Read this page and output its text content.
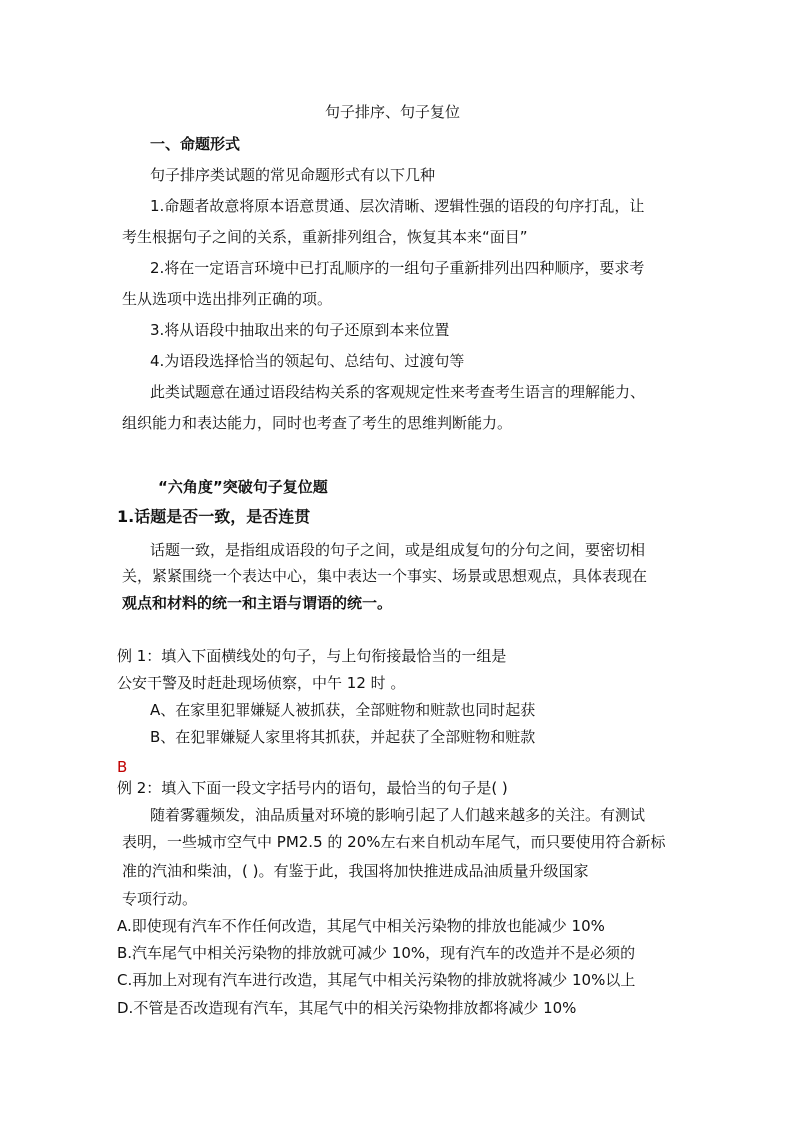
句子排序、句子复位
一、命题形式
句子排序类试题的常见命题形式有以下几种
1.命题者故意将原本语意贯通、层次清晰、逻辑性强的语段的句序打乱，让
考生根据句子之间的关系，重新排列组合，恢复其本来“面目”
2.将在一定语言环境中已打乱顺序的一组句子重新排列出四种顺序，要求考
生从选项中选出排列正确的项。
3.将从语段中抽取出来的句子还原到本来位置
4.为语段选择恰当的领起句、总结句、过渡句等
此类试题意在通过语段结构关系的客观规定性来考查考生语言的理解能力、
组织能力和表达能力，同时也考查了考生的思维判断能力。
“六角度”突破句子复位题
1.话题是否一致，是否连贯
话题一致，是指组成语段的句子之间，或是组成复句的分句之间，要密切相
关，紧紧围绕一个表达中心，集中表达一个事实、场景或思想观点，具体表现在
观点和材料的统一和主语与谓语的统一。
例 1：填入下面横线处的句子，与上句衔接最恰当的一组是
公安干警及时赶赴现场侦察，中午 12 时 。
A、在家里犯罪嫌疑人被抓获，全部赃物和赃款也同时起获
B、在犯罪嫌疑人家里将其抓获，并起获了全部赃物和赃款
B
例 2：填入下面一段文字括号内的语句，最恰当的句子是( )
随着雾霾频发，油品质量对环境的影响引起了人们越来越多的关注。有测试
表明，一些城市空气中 PM2.5 的 20%左右来自机动车尾气，而只要使用符合新标
准的汽油和柴油，( )。有鉴于此，我国将加快推进成品油质量升级国家
专项行动。
A.即使现有汽车不作任何改造，其尾气中相关污染物的排放也能减少 10%
B.汽车尾气中相关污染物的排放就可减少 10%，现有汽车的改造并不是必须的
C.再加上对现有汽车进行改造，其尾气中相关污染物的排放就将减少 10%以上
D.不管是否改造现有汽车，其尾气中的相关污染物排放都将减少 10%
